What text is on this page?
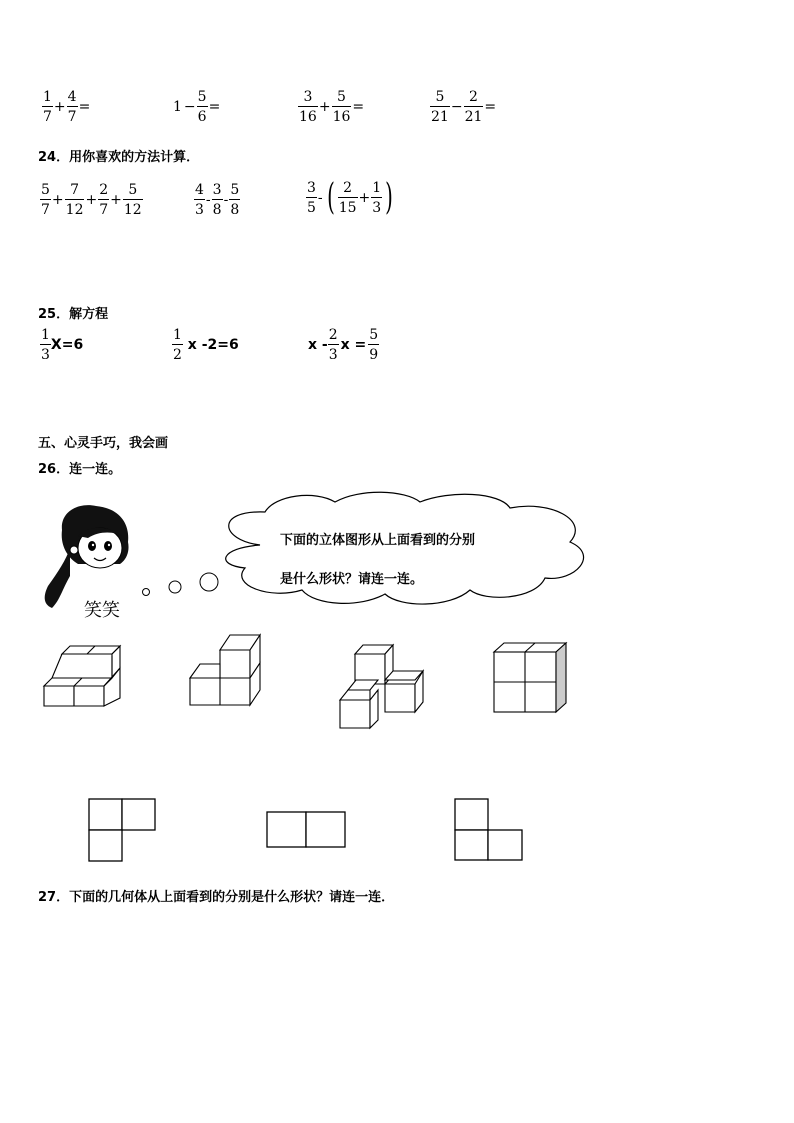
$\frac{1}{7} + \frac{4}{7}$ =	$1 - \frac{5}{6}$ =	$\frac{3}{16} + \frac{5}{16}$ =	$\frac{5}{21} - \frac{2}{21}$ =
24．用你喜欢的方法计算．
$\frac{5}{7} + \frac{7}{12} + \frac{2}{7} + \frac{5}{12}$	$\frac{4}{3} - \frac{3}{8} - \frac{5}{8}$	$\frac{3}{5}$ - ( $\frac{2}{15} + \frac{1}{3}$ )
25．解方程
$\frac{1}{3} X=6$	$\frac{1}{2}$ x -2=6	x - $\frac{2}{3}$ $x = \frac{5}{9}$
五、心灵手巧，我会画
26．连一连。
下面的立体图形从上面看到的分别
是什么形状？请连一连。
笑笑
27．下面的几何体从上面看到的分别是什么形状？请连一连．
